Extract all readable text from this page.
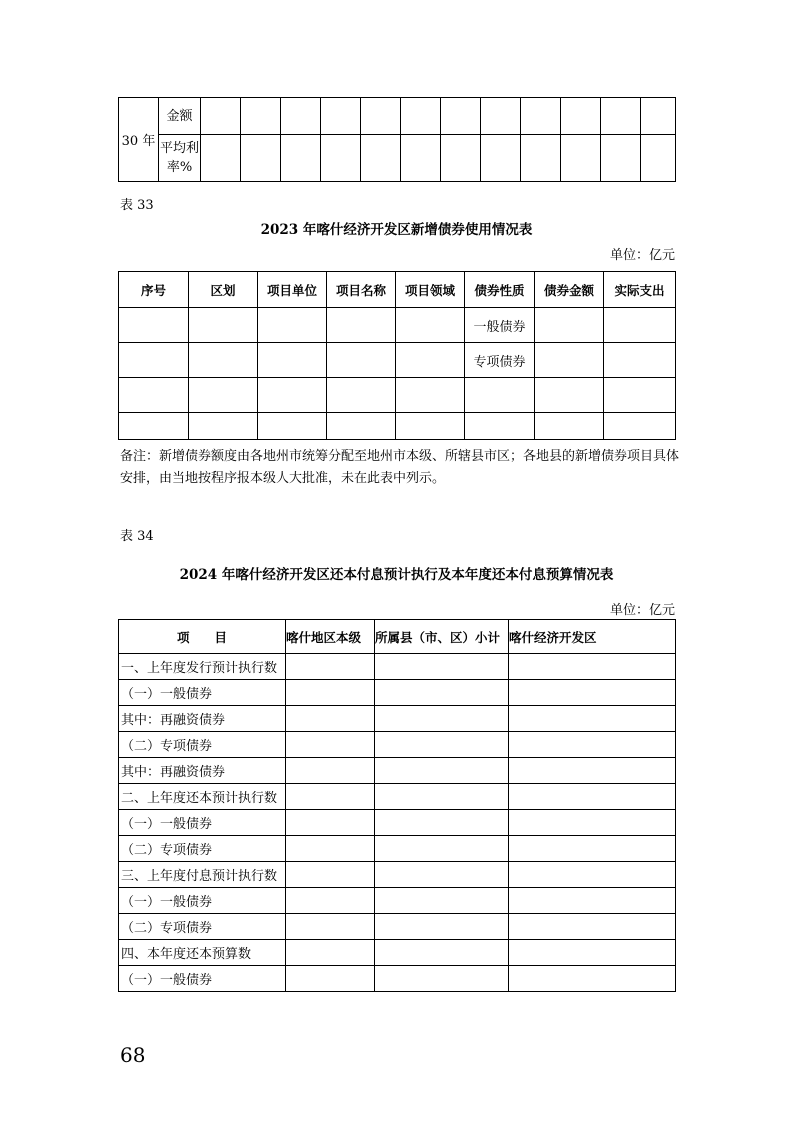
30 年	金额												
	平均利率%												
表 33
2023 年喀什经济开发区新增债券使用情况表
单位：亿元
序号	区划	项目单位	项目名称	项目领域	债券性质	债券金额	实际支出
					一般债券		
					专项债券		

备注：新增债券额度由各地州市统筹分配至地州市本级、所辖县市区；各地县的新增债券项目具体安排，由当地按程序报本级人大批准，未在此表中列示。
表 34
2024 年喀什经济开发区还本付息预计执行及本年度还本付息预算情况表
单位：亿元
项　　目	喀什地区本级	所属县（市、区）小计	喀什经济开发区
一、上年度发行预计执行数			
（一）一般债券			
其中：再融资债券			
（二）专项债券			
其中：再融资债券			
二、上年度还本预计执行数			
（一）一般债券			
（二）专项债券			
三、上年度付息预计执行数			
（一）一般债券			
（二）专项债券			
四、本年度还本预算数			
（一）一般债券			
68
